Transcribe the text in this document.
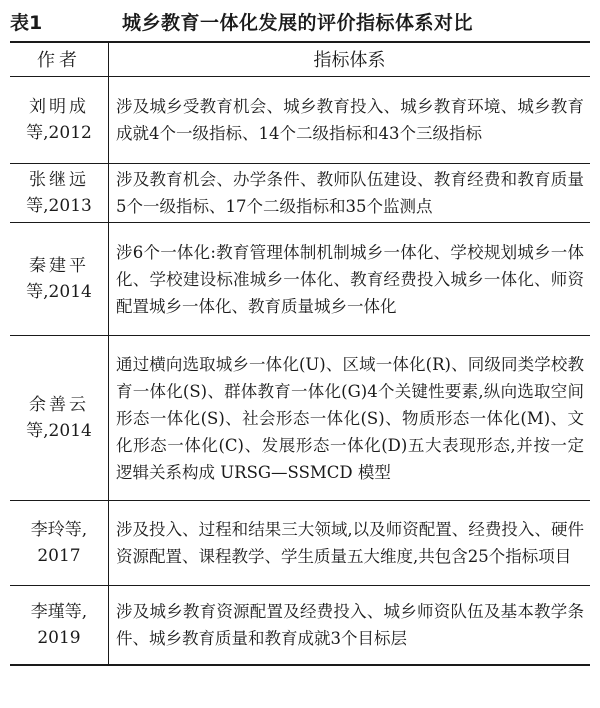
表1	城乡教育一体化发展的评价指标体系对比
作者	指标体系
刘明成
等,2012
涉及城乡受教育机会、城乡教育投入、城乡教育环境、城乡教育成就4个一级指标、14个二级指标和43个三级指标
张继远
等,2013
涉及教育机会、办学条件、教师队伍建设、教育经费和教育质量5个一级指标、17个二级指标和35个监测点
秦建平
等,2014
涉6个一体化:教育管理体制机制城乡一体化、学校规划城乡一体化、学校建设标准城乡一体化、教育经费投入城乡一体化、师资配置城乡一体化、教育质量城乡一体化
余善云
等,2014
通过横向选取城乡一体化(U)、区域一体化(R)、同级同类学校教育一体化(S)、群体教育一体化(G)4个关键性要素,纵向选取空间形态一体化(S)、社会形态一体化(S)、物质形态一体化(M)、文化形态一体化(C)、发展形态一体化(D)五大表现形态,并按一定逻辑关系构成 URSG—SSMCD 模型
李玲等,
2017
涉及投入、过程和结果三大领域,以及师资配置、经费投入、硬件资源配置、课程教学、学生质量五大维度,共包含25个指标项目
李瑾等,
2019
涉及城乡教育资源配置及经费投入、城乡师资队伍及基本教学条件、城乡教育质量和教育成就3个目标层
